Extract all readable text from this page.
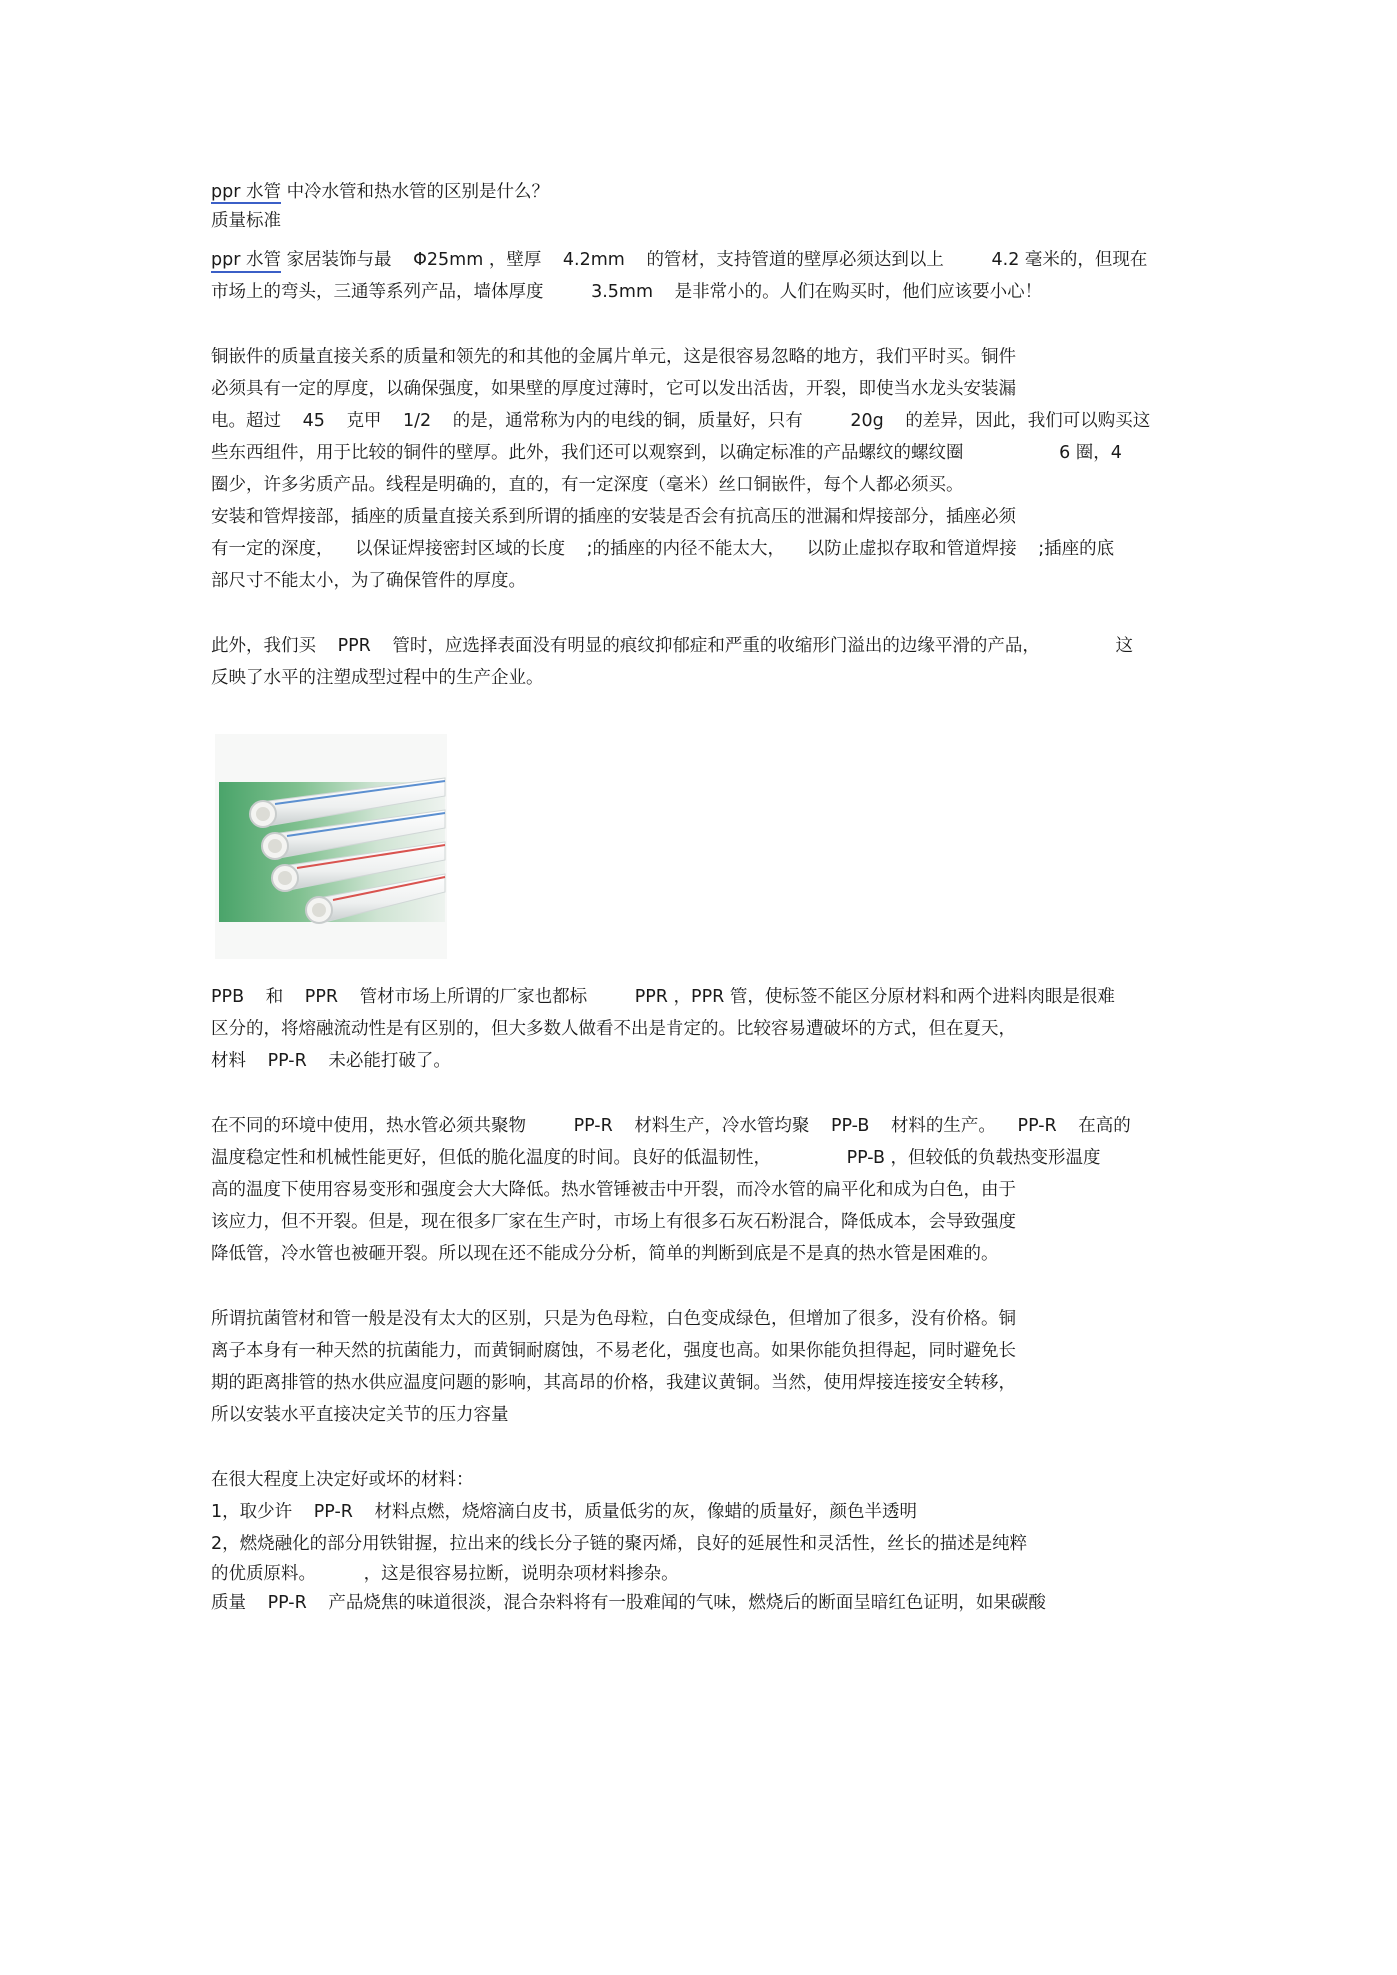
ppr 水管 中冷水管和热水管的区别是什么？
质量标准
ppr 水管 家居装饰与最 Φ25mm ，壁厚 4.2mm 的管材，支持管道的壁厚必须达到以上	4.2 毫米的，但现在
市场上的弯头，三通等系列产品，墙体厚度	3.5mm 是非常小的。人们在购买时，他们应该要小心！
铜嵌件的质量直接关系的质量和领先的和其他的金属片单元，这是很容易忽略的地方，我们平时买。铜件
必须具有一定的厚度，以确保强度，如果壁的厚度过薄时，它可以发出活齿，开裂，即使当水龙头安装漏
电。超过 45 克甲 1/2 的是，通常称为内的电线的铜，质量好，只有	20g 的差异，因此，我们可以购买这
些东西组件，用于比较的铜件的壁厚。此外，我们还可以观察到，以确定标准的产品螺纹的螺纹圈	6 圈，4
圈少，许多劣质产品。线程是明确的，直的，有一定深度（毫米）丝口铜嵌件，每个人都必须买。
安装和管焊接部，插座的质量直接关系到所谓的插座的安装是否会有抗高压的泄漏和焊接部分，插座必须
有一定的深度， 以保证焊接密封区域的长度 ;的插座的内径不能太大， 以防止虚拟存取和管道焊接 ;插座的底
部尺寸不能太小，为了确保管件的厚度。
此外，我们买 PPR 管时，应选择表面没有明显的痕纹抑郁症和严重的收缩形门溢出的边缘平滑的产品，	这
反映了水平的注塑成型过程中的生产企业。
PPB 和 PPR 管材市场上所谓的厂家也都标	PPR ，PPR 管，使标签不能区分原材料和两个进料肉眼是很难
区分的，将熔融流动性是有区别的，但大多数人做看不出是肯定的。比较容易遭破坏的方式，但在夏天，
材料 PP-R 未必能打破了。
在不同的环境中使用，热水管必须共聚物	PP-R 材料生产，冷水管均聚 PP-B 材料的生产。 PP-R 在高的
温度稳定性和机械性能更好，但低的脆化温度的时间。良好的低温韧性，	PP-B ，但较低的负载热变形温度
高的温度下使用容易变形和强度会大大降低。热水管锤被击中开裂，而冷水管的扁平化和成为白色，由于
该应力，但不开裂。但是，现在很多厂家在生产时，市场上有很多石灰石粉混合，降低成本，会导致强度
降低管，冷水管也被砸开裂。所以现在还不能成分分析，简单的判断到底是不是真的热水管是困难的。
所谓抗菌管材和管一般是没有太大的区别，只是为色母粒，白色变成绿色，但增加了很多，没有价格。铜
离子本身有一种天然的抗菌能力，而黄铜耐腐蚀，不易老化，强度也高。如果你能负担得起，同时避免长
期的距离排管的热水供应温度问题的影响，其高昂的价格，我建议黄铜。当然，使用焊接连接安全转移，
所以安装水平直接决定关节的压力容量
在很大程度上决定好或坏的材料：
1，取少许 PP-R 材料点燃，烧熔滴白皮书，质量低劣的灰，像蜡的质量好，颜色半透明
2，燃烧融化的部分用铁钳握，拉出来的线长分子链的聚丙烯，良好的延展性和灵活性，丝长的描述是纯粹
的优质原料。	，这是很容易拉断，说明杂项材料掺杂。
质量 PP-R 产品烧焦的味道很淡，混合杂料将有一股难闻的气味，燃烧后的断面呈暗红色证明，如果碳酸
